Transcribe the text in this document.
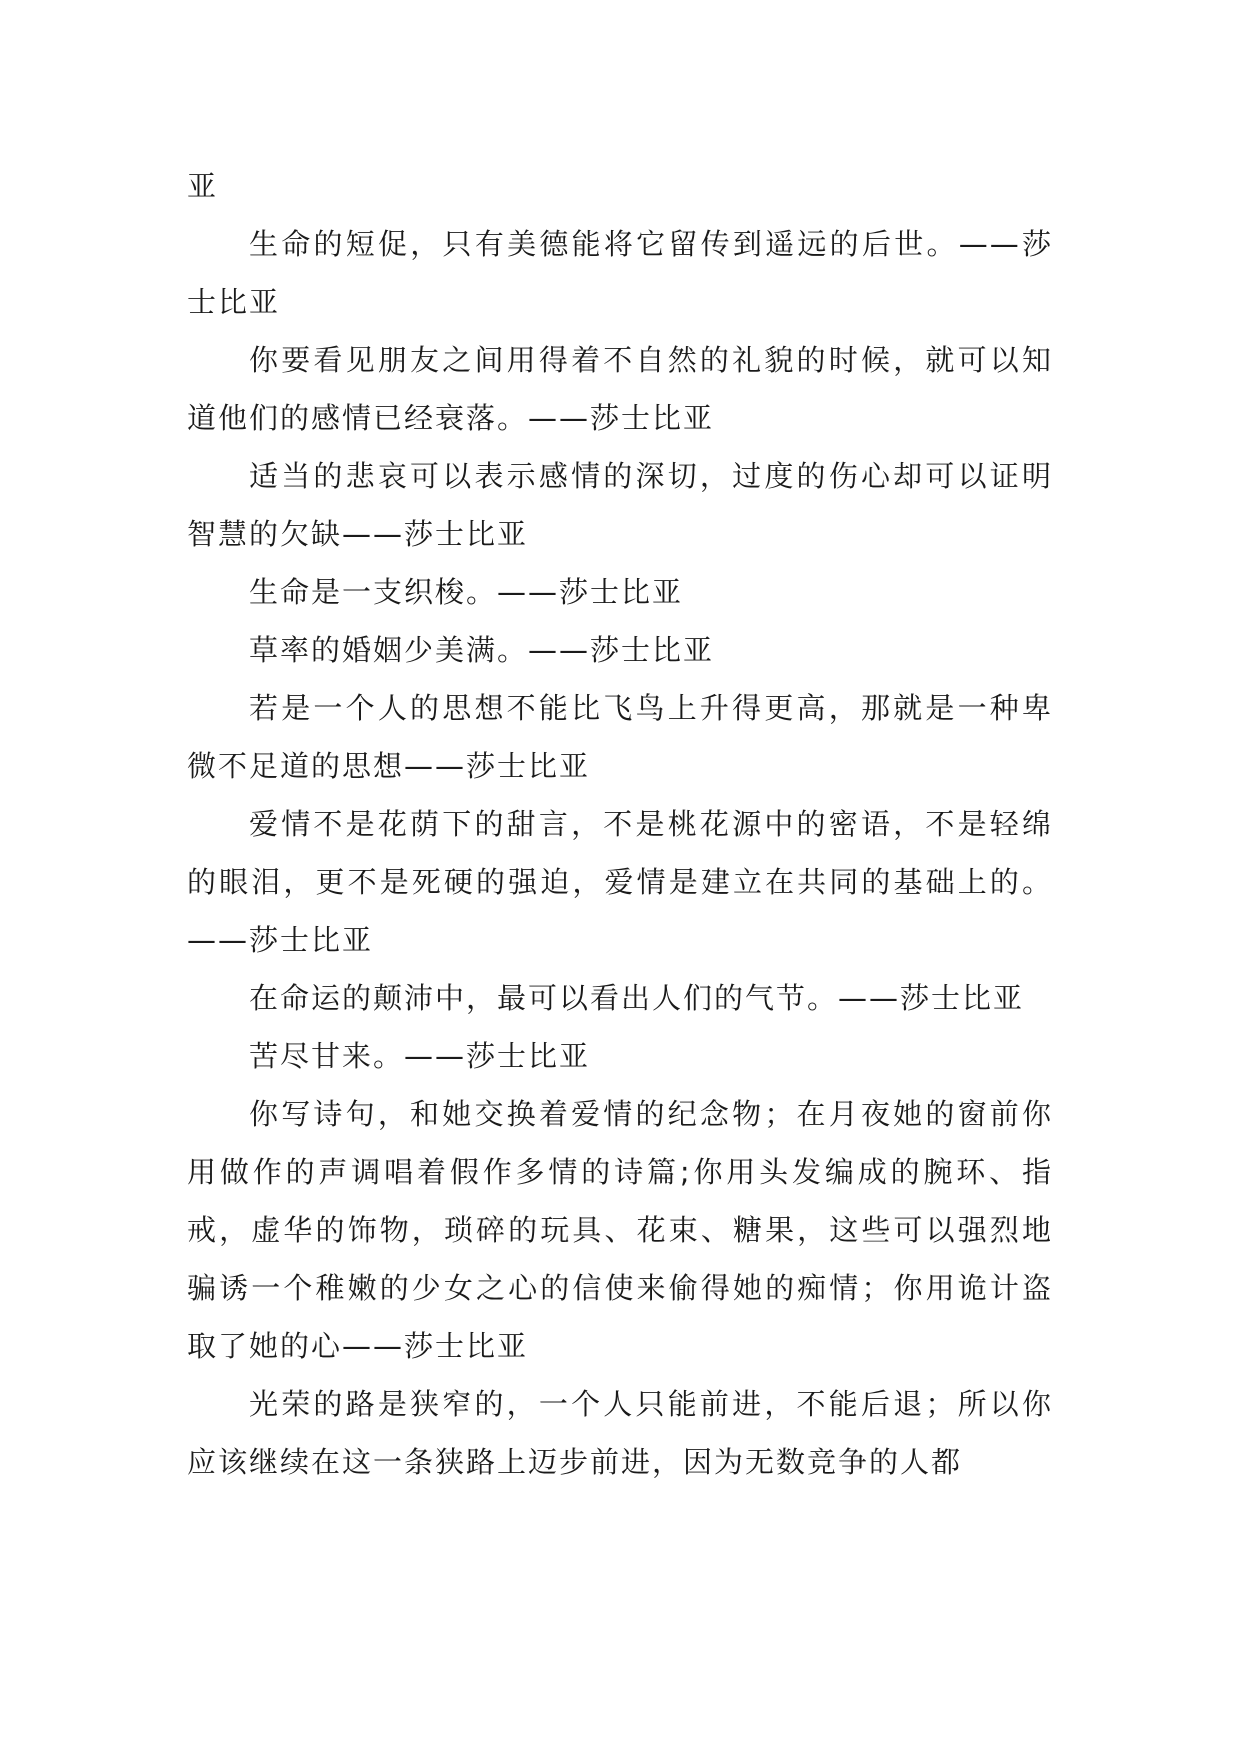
亚

生命的短促，只有美德能将它留传到遥远的后世。——莎士比亚

你要看见朋友之间用得着不自然的礼貌的时候，就可以知道他们的感情已经衰落。——莎士比亚

适当的悲哀可以表示感情的深切，过度的伤心却可以证明智慧的欠缺——莎士比亚

生命是一支织梭。——莎士比亚

草率的婚姻少美满。——莎士比亚

若是一个人的思想不能比飞鸟上升得更高，那就是一种卑微不足道的思想——莎士比亚

爱情不是花荫下的甜言，不是桃花源中的密语，不是轻绵的眼泪，更不是死硬的强迫，爱情是建立在共同的基础上的。——莎士比亚

在命运的颠沛中，最可以看出人们的气节。——莎士比亚

苦尽甘来。——莎士比亚

你写诗句，和她交换着爱情的纪念物；在月夜她的窗前你用做作的声调唱着假作多情的诗篇;你用头发编成的腕环、指戒，虚华的饰物，琐碎的玩具、花束、糖果，这些可以强烈地骗诱一个稚嫩的少女之心的信使来偷得她的痴情；你用诡计盗取了她的心——莎士比亚

光荣的路是狭窄的，一个人只能前进，不能后退；所以你应该继续在这一条狭路上迈步前进，因为无数竞争的人都
